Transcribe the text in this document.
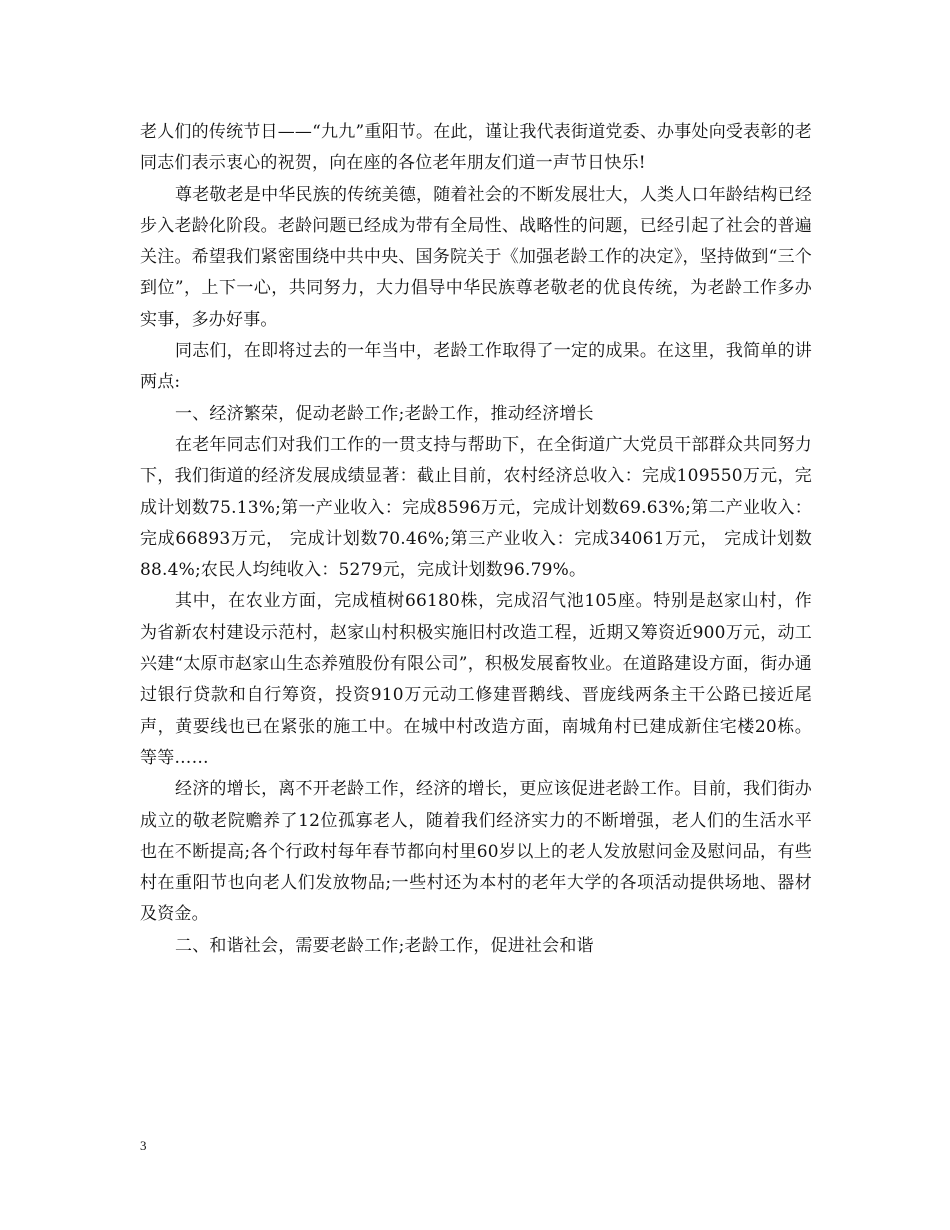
老人们的传统节日——“九九”重阳节。在此，谨让我代表街道党委、办事处向受表彰的老同志们表示衷心的祝贺，向在座的各位老年朋友们道一声节日快乐!

尊老敬老是中华民族的传统美德，随着社会的不断发展壮大，人类人口年龄结构已经步入老龄化阶段。老龄问题已经成为带有全局性、战略性的问题，已经引起了社会的普遍关注。希望我们紧密围绕中共中央、国务院关于《加强老龄工作的决定》，坚持做到“三个到位”，上下一心，共同努力，大力倡导中华民族尊老敬老的优良传统，为老龄工作多办实事，多办好事。

同志们，在即将过去的一年当中，老龄工作取得了一定的成果。在这里，我简单的讲两点:

一、经济繁荣，促动老龄工作;老龄工作，推动经济增长

在老年同志们对我们工作的一贯支持与帮助下，在全街道广大党员干部群众共同努力下，我们街道的经济发展成绩显著：截止目前，农村经济总收入：完成109550万元，完成计划数75.13%;第一产业收入：完成8596万元，完成计划数69.63%;第二产业收入：完成66893万元， 完成计划数70.46%;第三产业收入：完成34061万元， 完成计划数88.4%;农民人均纯收入：5279元，完成计划数96.79%。

其中，在农业方面，完成植树66180株，完成沼气池105座。特别是赵家山村，作为省新农村建设示范村，赵家山村积极实施旧村改造工程，近期又筹资近900万元，动工兴建“太原市赵家山生态养殖股份有限公司”，积极发展畜牧业。在道路建设方面，街办通过银行贷款和自行筹资，投资910万元动工修建晋鹅线、晋庞线两条主干公路已接近尾声，黄要线也已在紧张的施工中。在城中村改造方面，南城角村已建成新住宅楼20栋。等等……

经济的增长，离不开老龄工作，经济的增长，更应该促进老龄工作。目前，我们街办成立的敬老院赡养了12位孤寡老人，随着我们经济实力的不断增强，老人们的生活水平也在不断提高;各个行政村每年春节都向村里60岁以上的老人发放慰问金及慰问品，有些村在重阳节也向老人们发放物品;一些村还为本村的老年大学的各项活动提供场地、器材及资金。

二、和谐社会，需要老龄工作;老龄工作，促进社会和谐

3
